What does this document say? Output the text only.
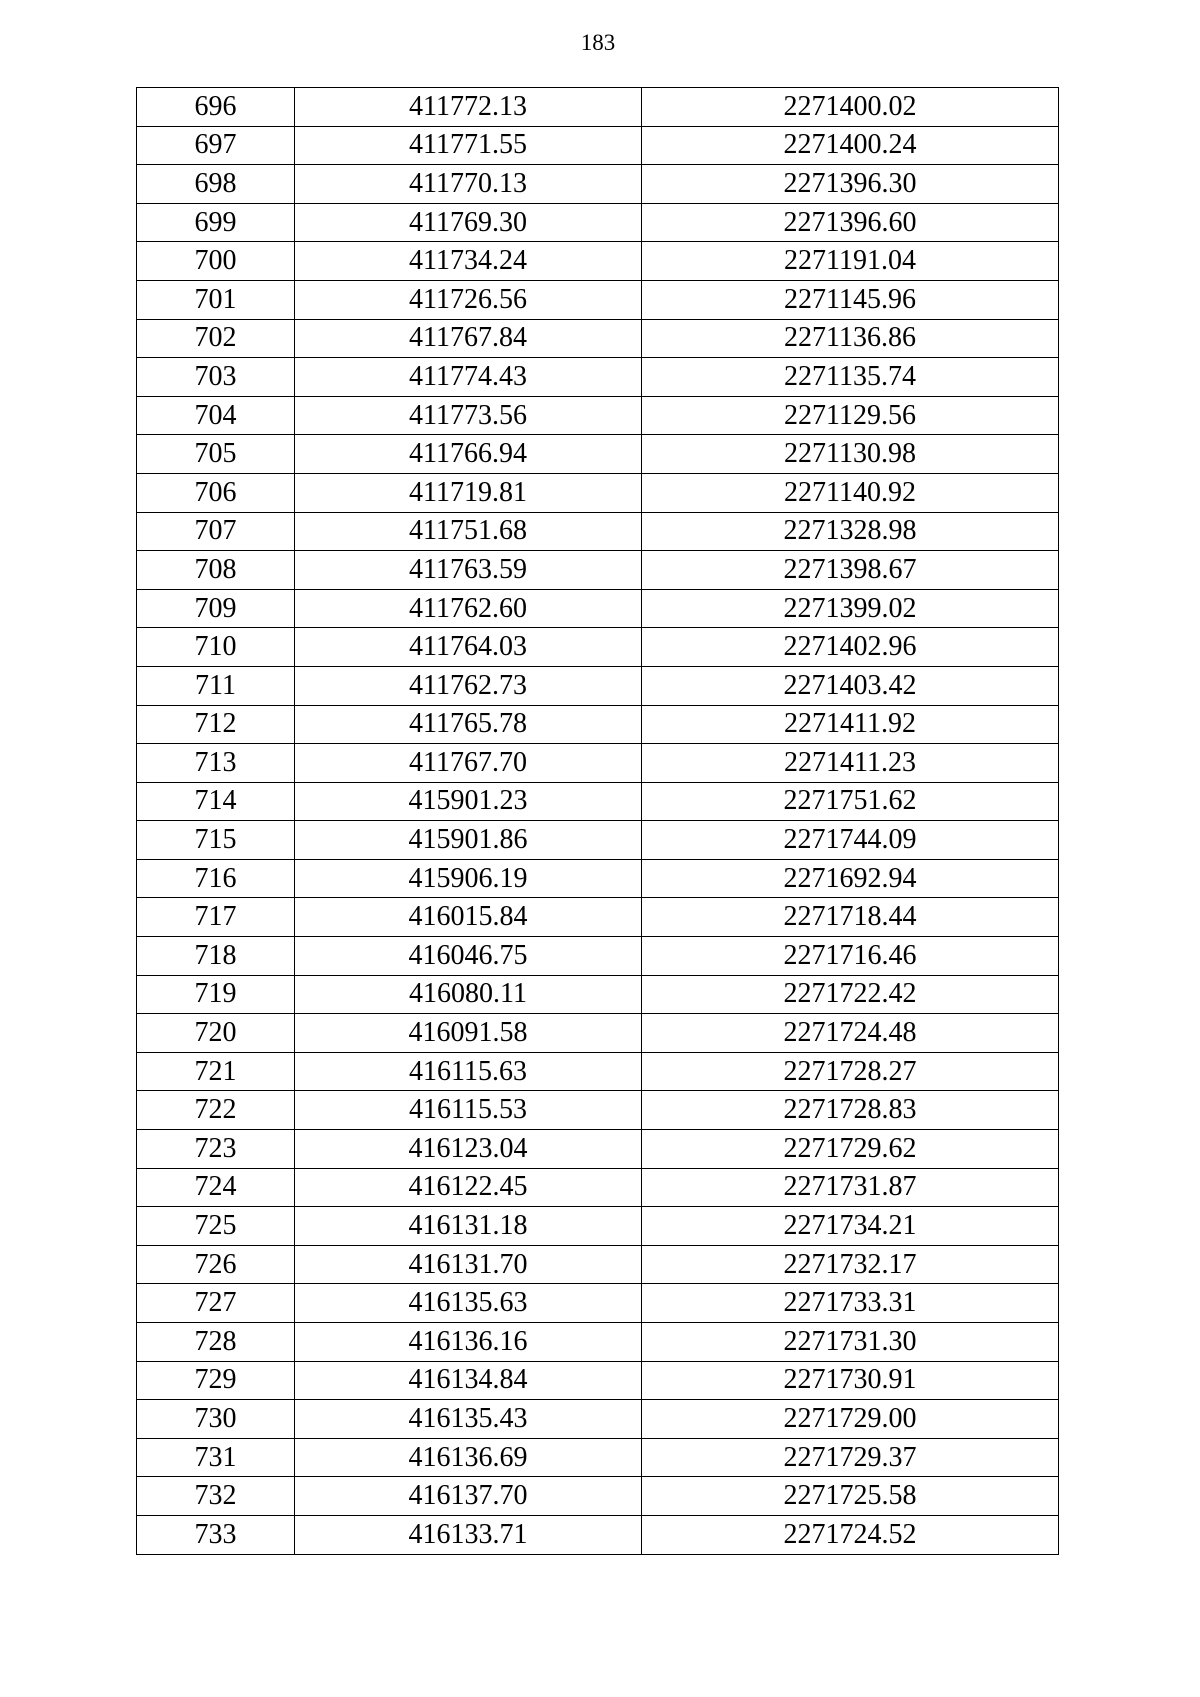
183
696	411772.13	2271400.02
697	411771.55	2271400.24
698	411770.13	2271396.30
699	411769.30	2271396.60
700	411734.24	2271191.04
701	411726.56	2271145.96
702	411767.84	2271136.86
703	411774.43	2271135.74
704	411773.56	2271129.56
705	411766.94	2271130.98
706	411719.81	2271140.92
707	411751.68	2271328.98
708	411763.59	2271398.67
709	411762.60	2271399.02
710	411764.03	2271402.96
711	411762.73	2271403.42
712	411765.78	2271411.92
713	411767.70	2271411.23
714	415901.23	2271751.62
715	415901.86	2271744.09
716	415906.19	2271692.94
717	416015.84	2271718.44
718	416046.75	2271716.46
719	416080.11	2271722.42
720	416091.58	2271724.48
721	416115.63	2271728.27
722	416115.53	2271728.83
723	416123.04	2271729.62
724	416122.45	2271731.87
725	416131.18	2271734.21
726	416131.70	2271732.17
727	416135.63	2271733.31
728	416136.16	2271731.30
729	416134.84	2271730.91
730	416135.43	2271729.00
731	416136.69	2271729.37
732	416137.70	2271725.58
733	416133.71	2271724.52
